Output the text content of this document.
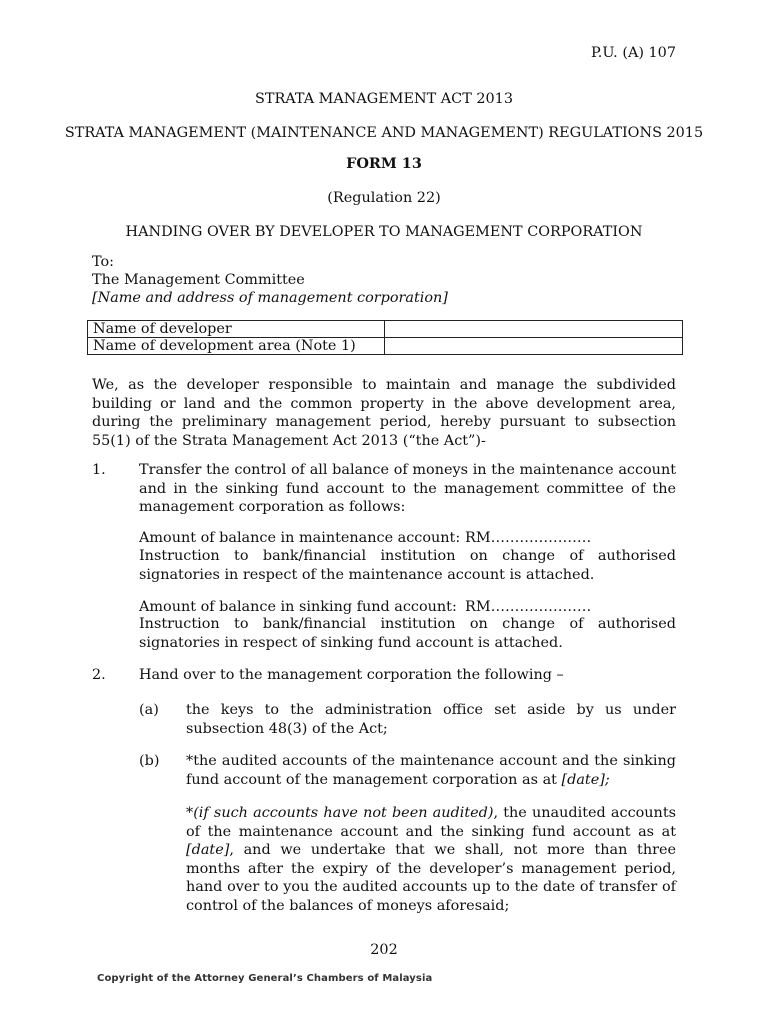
P.U. (A) 107
STRATA MANAGEMENT ACT 2013
STRATA MANAGEMENT (MAINTENANCE AND MANAGEMENT) REGULATIONS 2015
FORM 13
(Regulation 22)
HANDING OVER BY DEVELOPER TO MANAGEMENT CORPORATION
To:
The Management Committee
[Name and address of management corporation]
Name of developer	
Name of development area (Note 1)	
We, as the developer responsible to maintain and manage the subdivided building or land and the common property in the above development area, during the preliminary management period, hereby pursuant to subsection 55(1) of the Strata Management Act 2013 (“the Act”)-
1. Transfer the control of all balance of moneys in the maintenance account and in the sinking fund account to the management committee of the management corporation as follows:
Amount of balance in maintenance account: RM…………………
Instruction to bank/financial institution on change of authorised signatories in respect of the maintenance account is attached.
Amount of balance in sinking fund account: RM…………………
Instruction to bank/financial institution on change of authorised signatories in respect of sinking fund account is attached.
2. Hand over to the management corporation the following –
(a) the keys to the administration office set aside by us under subsection 48(3) of the Act;
(b) *the audited accounts of the maintenance account and the sinking fund account of the management corporation as at [date];
*(if such accounts have not been audited), the unaudited accounts of the maintenance account and the sinking fund account as at [date], and we undertake that we shall, not more than three months after the expiry of the developer’s management period, hand over to you the audited accounts up to the date of transfer of control of the balances of moneys aforesaid;
202
Copyright of the Attorney General’s Chambers of Malaysia
